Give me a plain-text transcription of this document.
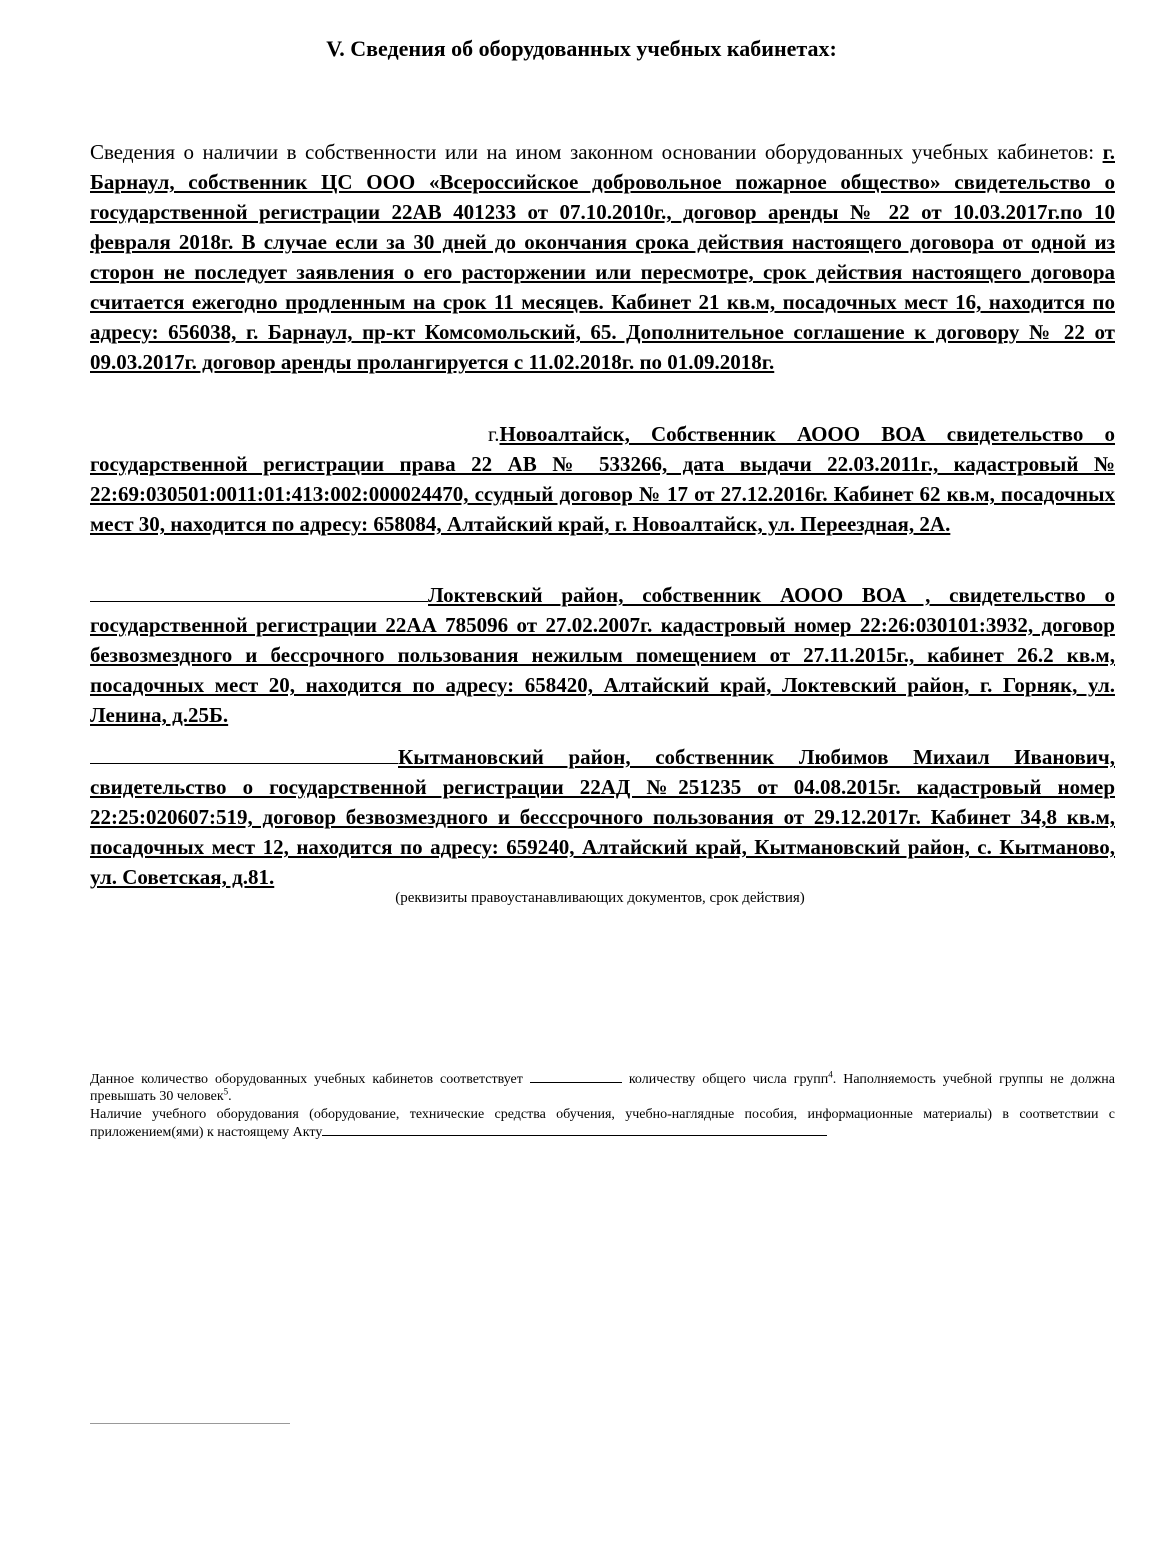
V. Сведения об оборудованных учебных кабинетах:
Сведения о наличии в собственности или на ином законном основании оборудованных учебных кабинетов: г. Барнаул, собственник ЦС ООО «Всероссийское добровольное пожарное общество» свидетельство о государственной регистрации 22АВ 401233 от 07.10.2010г., договор аренды № 22 от 10.03.2017г.по 10 февраля 2018г. В случае если за 30 дней до окончания срока действия настоящего договора от одной из сторон не последует заявления о его расторжении или пересмотре, срок действия настоящего договора считается ежегодно продленным на срок 11 месяцев. Кабинет 21 кв.м, посадочных мест 16, находится по адресу: 656038, г. Барнаул, пр-кт Комсомольский, 65. Дополнительное соглашение к договору № 22 от 09.03.2017г. договор аренды пролангируется с 11.02.2018г. по 01.09.2018г.
г.Новоалтайск, Собственник АООО ВОА свидетельство о государственной регистрации права 22 АВ № 533266, дата выдачи 22.03.2011г., кадастровый № 22:69:030501:0011:01:413:002:000024470, ссудный договор № 17 от 27.12.2016г. Кабинет 62 кв.м, посадочных мест 30, находится по адресу: 658084, Алтайский край, г. Новоалтайск, ул. Переездная, 2А.
Локтевский район, собственник АООО ВОА , свидетельство о государственной регистрации 22АА 785096 от 27.02.2007г. кадастровый номер 22:26:030101:3932, договор безвозмездного и бессрочного пользования нежилым помещением от 27.11.2015г., кабинет 26.2 кв.м, посадочных мест 20, находится по адресу: 658420, Алтайский край, Локтевский район, г. Горняк, ул. Ленина, д.25Б.
Кытмановский район, собственник Любимов Михаил Иванович, свидетельство о государственной регистрации 22АД №251235 от 04.08.2015г. кадастровый номер 22:25:020607:519, договор безвозмездного и бесссрочного пользования от 29.12.2017г. Кабинет 34,8 кв.м, посадочных мест 12, находится по адресу: 659240, Алтайский край, Кытмановский район, с. Кытманово, ул. Советская, д.81.
(реквизиты правоустанавливающих документов, срок действия)
Данное количество оборудованных учебных кабинетов соответствует	количеству общего числа групп$^4$. Наполняемость учебной группы не должна превышать 30 человек$^5$.
Наличие учебного оборудования (оборудование, технические средства обучения, учебно-наглядные пособия, информационные материалы) в соответствии с приложением(ями) к настоящему Акту
